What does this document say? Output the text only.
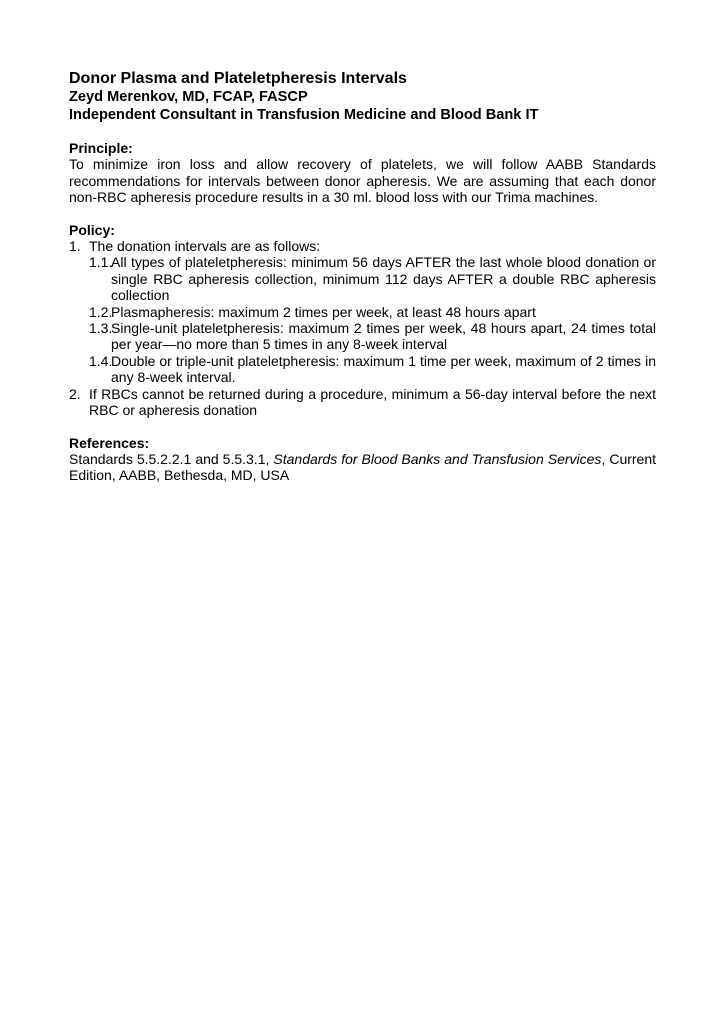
Donor Plasma and Plateletpheresis Intervals
Zeyd Merenkov, MD, FCAP, FASCP
Independent Consultant in Transfusion Medicine and Blood Bank IT
Principle:

To minimize iron loss and allow recovery of platelets, we will follow AABB Standards recommendations for intervals between donor apheresis. We are assuming that each donor non-RBC apheresis procedure results in a 30 ml. blood loss with our Trima machines.

Policy:
1. The donation intervals are as follows:
1.1.
All types of plateletpheresis: minimum 56 days AFTER the last whole blood donation or single RBC apheresis collection, minimum 112 days AFTER a double RBC apheresis collection
1.2.
Plasmapheresis: maximum 2 times per week, at least 48 hours apart
1.3.
Single-unit plateletpheresis: maximum 2 times per week, 48 hours apart, 24 times total per year—no more than 5 times in any 8-week interval
1.4.
Double or triple-unit plateletpheresis: maximum 1 time per week, maximum of 2 times in any 8-week interval.
2. If RBCs cannot be returned during a procedure, minimum a 56-day interval before the next RBC or apheresis donation
References:

Standards 5.5.2.2.1 and 5.5.3.1, Standards for Blood Banks and Transfusion Services, Current Edition, AABB, Bethesda, MD, USA
